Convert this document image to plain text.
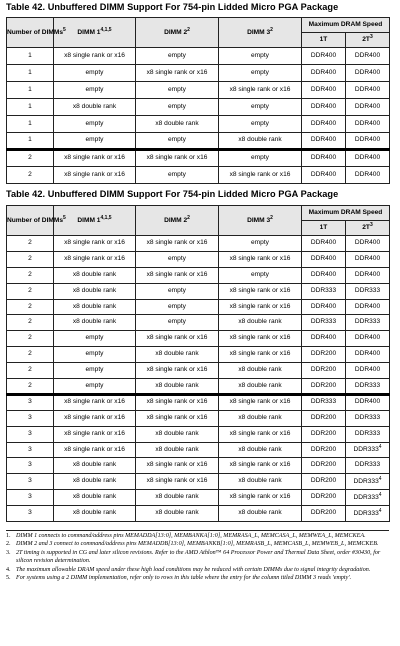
Table 42. Unbuffered DIMM Support For 754-pin Lidded Micro PGA Package
Number of DIMMs$^5$	DIMM 1$^{4,1,5}$	DIMM $2^2$	DIMM $3^2$	Maximum DRAM Speed	
				1T	$2T^3$
1	x8 single rank or x16	empty	empty	DDR400	DDR400
1	empty	x8 single rank or x16	empty	DDR400	DDR400
1	empty	empty	x8 single rank or x16	DDR400	DDR400
1	x8 double rank	empty	empty	DDR400	DDR400
1	empty	x8 double rank	empty	DDR400	DDR400
1	empty	empty	x8 double rank	DDR400	DDR400
2	x8 single rank or x16	x8 single rank or x16	empty	DDR400	DDR400
2	x8 single rank or x16	empty	x8 single rank or x16	DDR400	DDR400
Table 42. Unbuffered DIMM Support For 754-pin Lidded Micro PGA Package
Number of DIMMs$^5$	DIMM 1$^{4,1,5}$	DIMM $2^2$	DIMM $3^2$	Maximum DRAM Speed	
				1T	$2T^3$
2	x8 single rank or x16	x8 single rank or x16	empty	DDR400	DDR400
2	x8 single rank or x16	empty	x8 single rank or x16	DDR400	DDR400
2	x8 double rank	x8 single rank or x16	empty	DDR400	DDR400
2	x8 double rank	empty	x8 single rank or x16	DDR333	DDR333
2	x8 double rank	empty	x8 single rank or x16	DDR400	DDR400
2	x8 double rank	empty	x8 double rank	DDR333	DDR333
2	empty	x8 single rank or x16	x8 single rank or x16	DDR400	DDR400
2	empty	x8 double rank	x8 single rank or x16	DDR200	DDR400
2	empty	x8 single rank or x16	x8 double rank	DDR200	DDR400
2	empty	x8 double rank	x8 double rank	DDR200	DDR333
3	x8 single rank or x16	x8 single rank or x16	x8 single rank or x16	DDR333	DDR400
3	x8 single rank or x16	x8 single rank or x16	x8 double rank	DDR200	DDR333
3	x8 single rank or x16	x8 double rank	x8 single rank or x16	DDR200	DDR333
3	x8 single rank or x16	x8 double rank	x8 double rank	DDR200	$DDR333^4$
3	x8 double rank	x8 single rank or x16	x8 single rank or x16	DDR200	DDR333
3	x8 double rank	x8 single rank or x16	x8 double rank	DDR200	$DDR333^4$
3	x8 double rank	x8 double rank	x8 single rank or x16	DDR200	$DDR333^4$
3	x8 double rank	x8 double rank	x8 double rank	DDR200	$DDR333^4$
1. DIMM 1 connects to command/address pins MEMADDA[13:0], MEMBANKA[1:0], MEMRASA_L, MEMCASA_L, MEMWEA_L, MEMCKEA.
2. DIMM 2 and 3 connect to command/address pins MEMADDB[13:0], MEMBANKB[1:0], MEMRASB_L, MEMCASB_L, MEMWEB_L, MEMCKEB.
3. 2T timing is supported in CG and later silicon revisions. Refer to the AMD Athlon™ 64 Processor Power and Thermal Data Sheet, order #30430, for silicon revision determination.
4. The maximum allowable DRAM speed under these high load conditions may be reduced with certain DIMMs due to signal integrity degradation.
5. For systems using a 2 DIMM implementation, refer only to rows in this table where the entry for the column titled DIMM 3 reads 'empty'.
